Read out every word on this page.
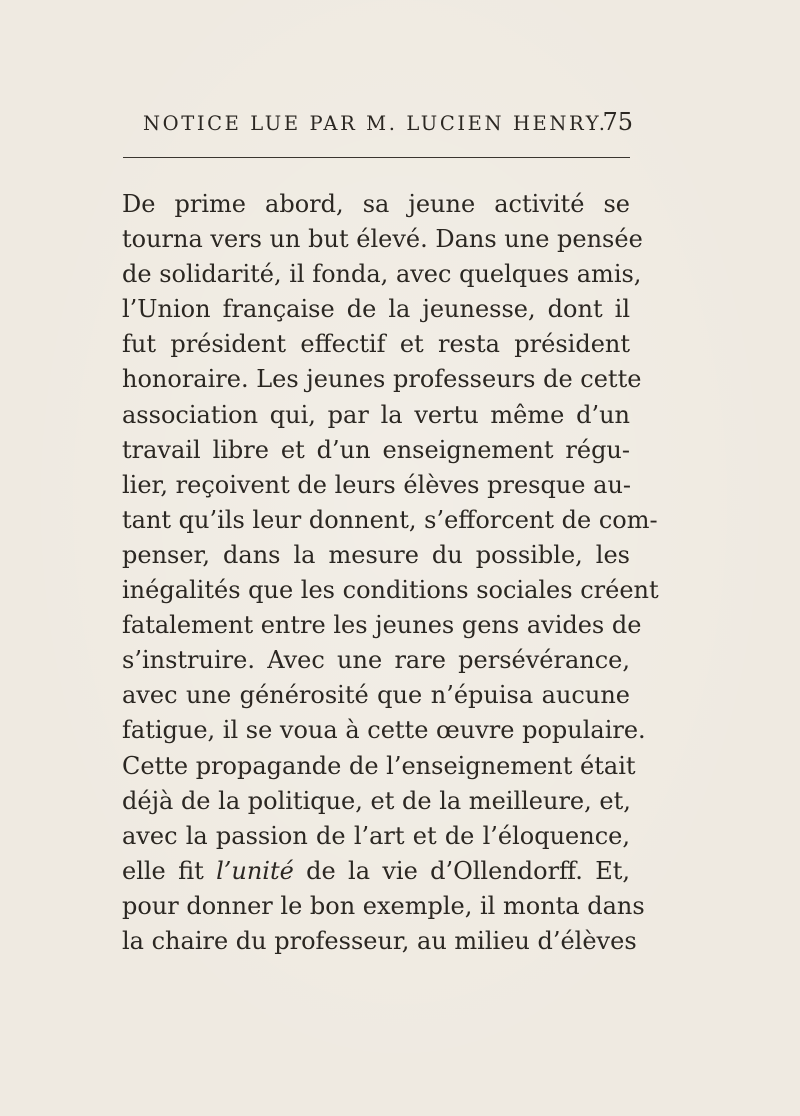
NOTICE LUE PAR M. LUCIEN HENRY.
75
De prime abord, sa jeune activité se
tourna vers un but élevé. Dans une pensée
de solidarité, il fonda, avec quelques amis,
l’Union française de la jeunesse, dont il
fut président effectif et resta président
honoraire. Les jeunes professeurs de cette
association qui, par la vertu même d’un
travail libre et d’un enseignement régu-
lier, reçoivent de leurs élèves presque au-
tant qu’ils leur donnent, s’efforcent de com-
penser, dans la mesure du possible, les
inégalités que les conditions sociales créent
fatalement entre les jeunes gens avides de
s’instruire. Avec une rare persévérance,
avec une générosité que n’épuisa aucune
fatigue, il se voua à cette œuvre populaire.
Cette propagande de l’enseignement était
déjà de la politique, et de la meilleure, et,
avec la passion de l’art et de l’éloquence,
elle fit l’unité de la vie d’Ollendorff. Et,
pour donner le bon exemple, il monta dans
la chaire du professeur, au milieu d’élèves
